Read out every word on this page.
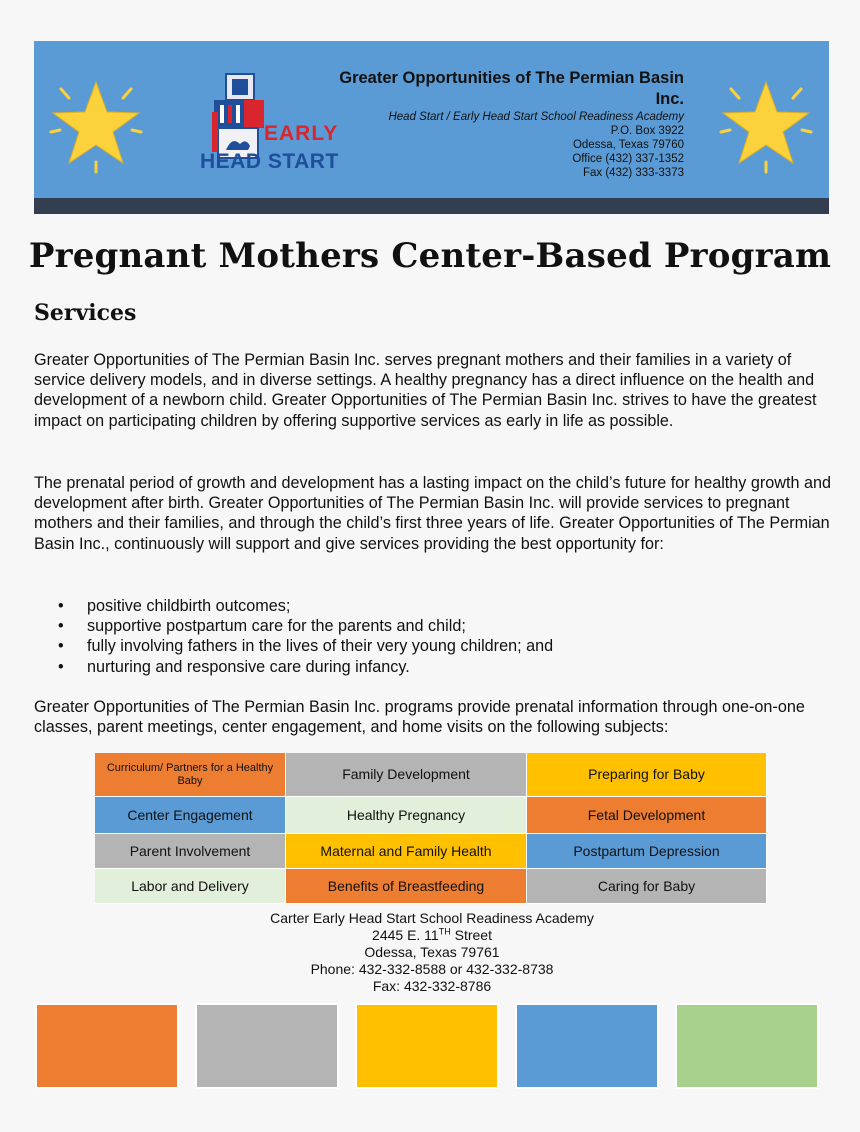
EARLY
HEAD START
Greater Opportunities of The Permian Basin
Inc.
Head Start / Early Head Start School Readiness Academy
P.O. Box 3922
Odessa, Texas 79760
Office (432) 337-1352
Fax (432) 333-3373
Pregnant Mothers Center-Based Program
Services
Greater Opportunities of The Permian Basin Inc. serves pregnant mothers and their families in a variety of service delivery models, and in diverse settings. A healthy pregnancy has a direct influence on the health and development of a newborn child. Greater Opportunities of The Permian Basin Inc. strives to have the greatest impact on participating children by offering supportive services as early in life as possible.
The prenatal period of growth and development has a lasting impact on the child’s future for healthy growth and development after birth. Greater Opportunities of The Permian Basin Inc. will provide services to pregnant mothers and their families, and through the child’s first three years of life. Greater Opportunities of The Permian Basin Inc., continuously will support and give services providing the best opportunity for:
• positive childbirth outcomes;
• supportive postpartum care for the parents and child;
• fully involving fathers in the lives of their very young children; and
• nurturing and responsive care during infancy.
Greater Opportunities of The Permian Basin Inc. programs provide prenatal information through one-on-one classes, parent meetings, center engagement, and home visits on the following subjects:
Curriculum/ Partners for a Healthy Baby	Family Development	Preparing for Baby
Center Engagement	Healthy Pregnancy	Fetal Development
Parent Involvement	Maternal and Family Health	Postpartum Depression
Labor and Delivery	Benefits of Breastfeeding	Caring for Baby
Carter Early Head Start School Readiness Academy
2445 E. 11TH Street
Odessa, Texas 79761
Phone: 432-332-8588 or 432-332-8738
Fax: 432-332-8786
